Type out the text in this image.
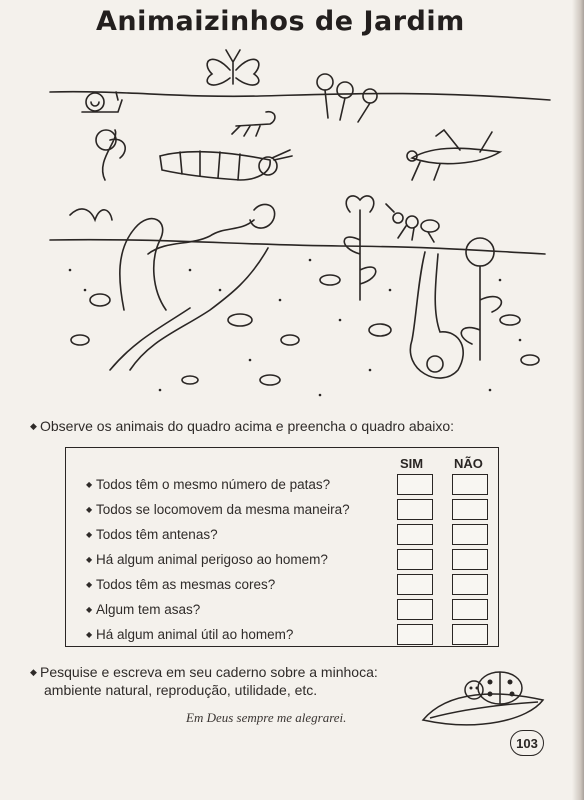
Animaizinhos de Jardim
◆ Observe os animais do quadro acima e preencha o quadro abaixo:
SIM NÃO
◆ Todos têm o mesmo número de patas?
◆ Todos se locomovem da mesma maneira?
◆ Todos têm antenas?
◆ Há algum animal perigoso ao homem?
◆ Todos têm as mesmas cores?
◆ Algum tem asas?
◆ Há algum animal útil ao homem?
◆ Pesquise e escreva em seu caderno sobre a minhoca:
ambiente natural, reprodução, utilidade, etc.
Em Deus sempre me alegrarei.
103
